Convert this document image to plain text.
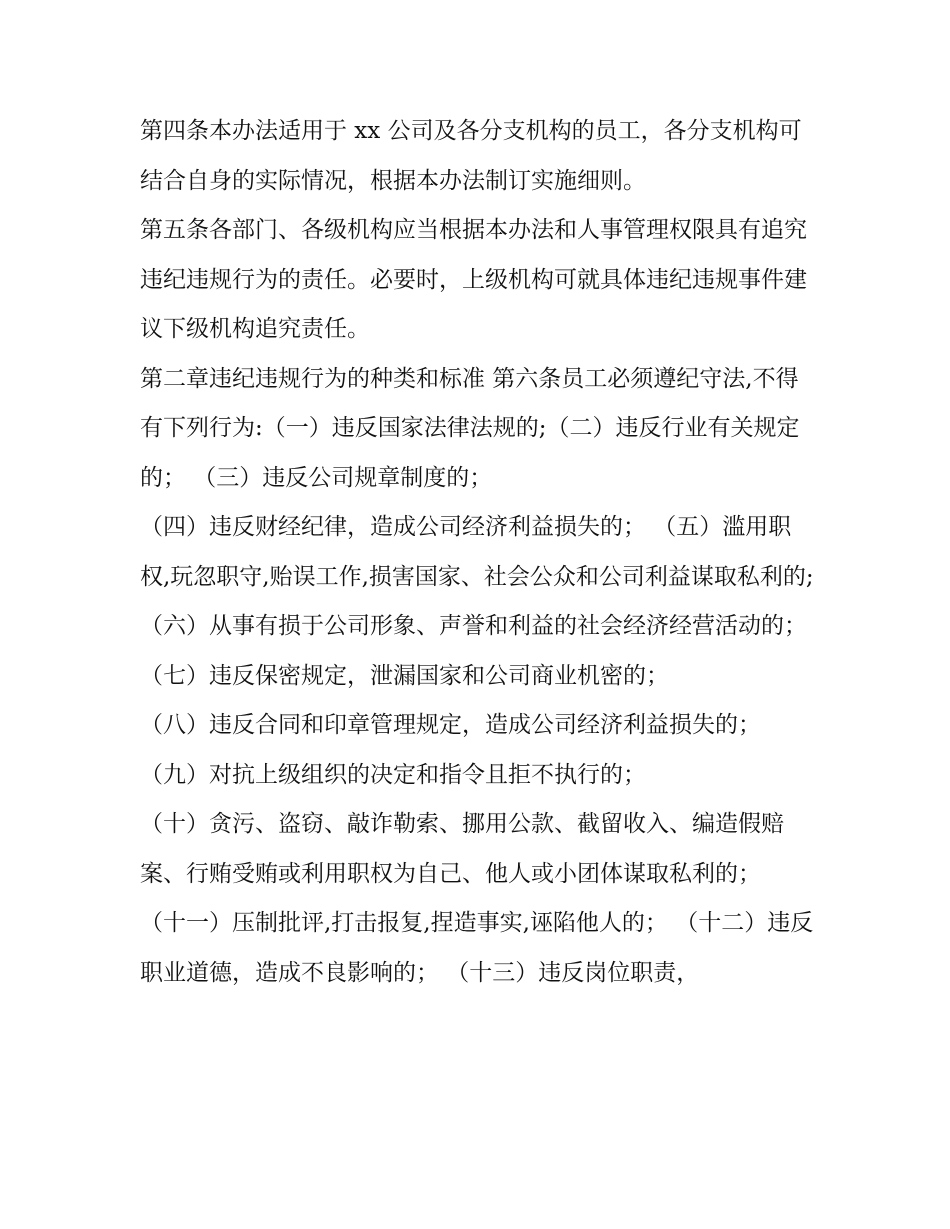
第四条本办法适用于 xx 公司及各分支机构的员工，各分支机构可结合自身的实际情况，根据本办法制订实施细则。

第五条各部门、各级机构应当根据本办法和人事管理权限具有追究违纪违规行为的责任。必要时，上级机构可就具体违纪违规事件建议下级机构追究责任。

第二章违纪违规行为的种类和标准 第六条员工必须遵纪守法,不得有下列行为:（一）违反国家法律法规的;（二）违反行业有关规定的； （三）违反公司规章制度的；

（四）违反财经纪律，造成公司经济利益损失的； （五）滥用职权,玩忽职守,贻误工作,损害国家、社会公众和公司利益谋取私利的;

（六）从事有损于公司形象、声誉和利益的社会经济经营活动的； （七）违反保密规定，泄漏国家和公司商业机密的；

（八）违反合同和印章管理规定，造成公司经济利益损失的；

（九）对抗上级组织的决定和指令且拒不执行的；

（十）贪污、盗窃、敲诈勒索、挪用公款、截留收入、编造假赔案、行贿受贿或利用职权为自己、他人或小团体谋取私利的；

（十一）压制批评,打击报复,捏造事实,诬陷他人的； （十二）违反职业道德，造成不良影响的； （十三）违反岗位职责，
